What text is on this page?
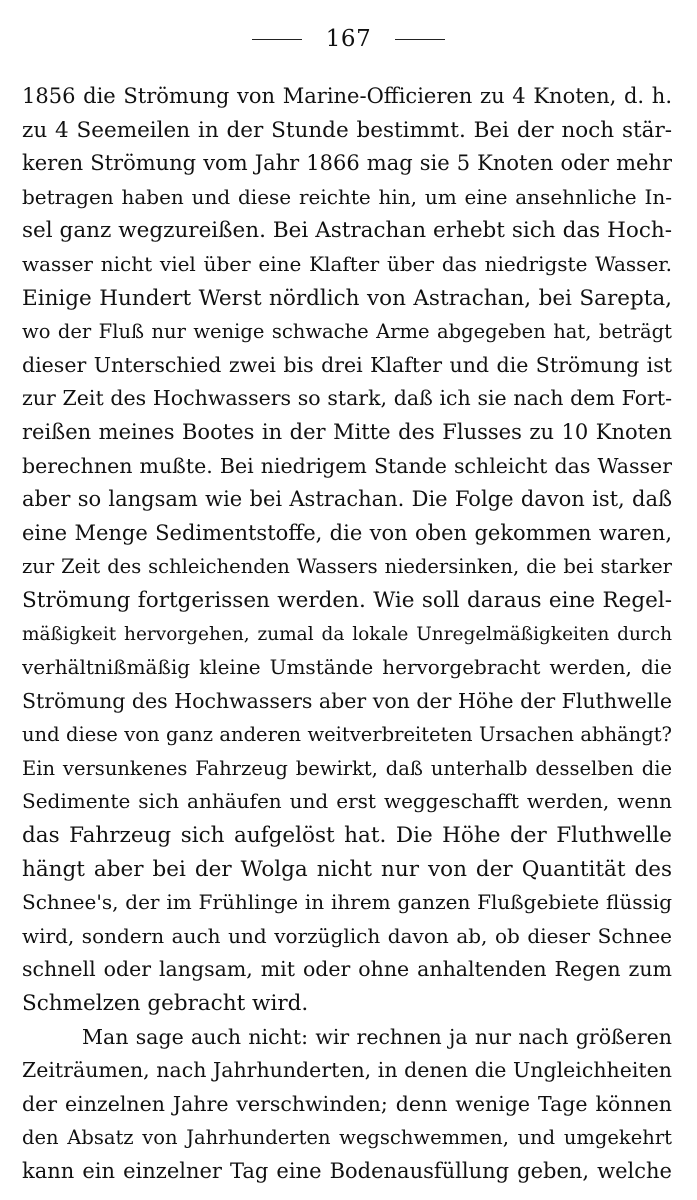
167
1856 die Strömung von Marine-Officieren zu 4 Knoten, d. h.
zu 4 Seemeilen in der Stunde bestimmt. Bei der noch stär-
keren Strömung vom Jahr 1866 mag sie 5 Knoten oder mehr
betragen haben und diese reichte hin, um eine ansehnliche In-
sel ganz wegzureißen. Bei Astrachan erhebt sich das Hoch-
wasser nicht viel über eine Klafter über das niedrigste Wasser.
Einige Hundert Werst nördlich von Astrachan, bei Sarepta,
wo der Fluß nur wenige schwache Arme abgegeben hat, beträgt
dieser Unterschied zwei bis drei Klafter und die Strömung ist
zur Zeit des Hochwassers so stark, daß ich sie nach dem Fort-
reißen meines Bootes in der Mitte des Flusses zu 10 Knoten
berechnen mußte. Bei niedrigem Stande schleicht das Wasser
aber so langsam wie bei Astrachan. Die Folge davon ist, daß
eine Menge Sedimentstoffe, die von oben gekommen waren,
zur Zeit des schleichenden Wassers niedersinken, die bei starker
Strömung fortgerissen werden. Wie soll daraus eine Regel-
mäßigkeit hervorgehen, zumal da lokale Unregelmäßigkeiten durch
verhältnißmäßig kleine Umstände hervorgebracht werden, die
Strömung des Hochwassers aber von der Höhe der Fluthwelle
und diese von ganz anderen weitverbreiteten Ursachen abhängt?
Ein versunkenes Fahrzeug bewirkt, daß unterhalb desselben die
Sedimente sich anhäufen und erst weggeschafft werden, wenn
das Fahrzeug sich aufgelöst hat. Die Höhe der Fluthwelle
hängt aber bei der Wolga nicht nur von der Quantität des
Schnee's, der im Frühlinge in ihrem ganzen Flußgebiete flüssig
wird, sondern auch und vorzüglich davon ab, ob dieser Schnee
schnell oder langsam, mit oder ohne anhaltenden Regen zum
Schmelzen gebracht wird.
Man sage auch nicht: wir rechnen ja nur nach größeren
Zeiträumen, nach Jahrhunderten, in denen die Ungleichheiten
der einzelnen Jahre verschwinden; denn wenige Tage können
den Absatz von Jahrhunderten wegschwemmen, und umgekehrt
kann ein einzelner Tag eine Bodenausfüllung geben, welche
